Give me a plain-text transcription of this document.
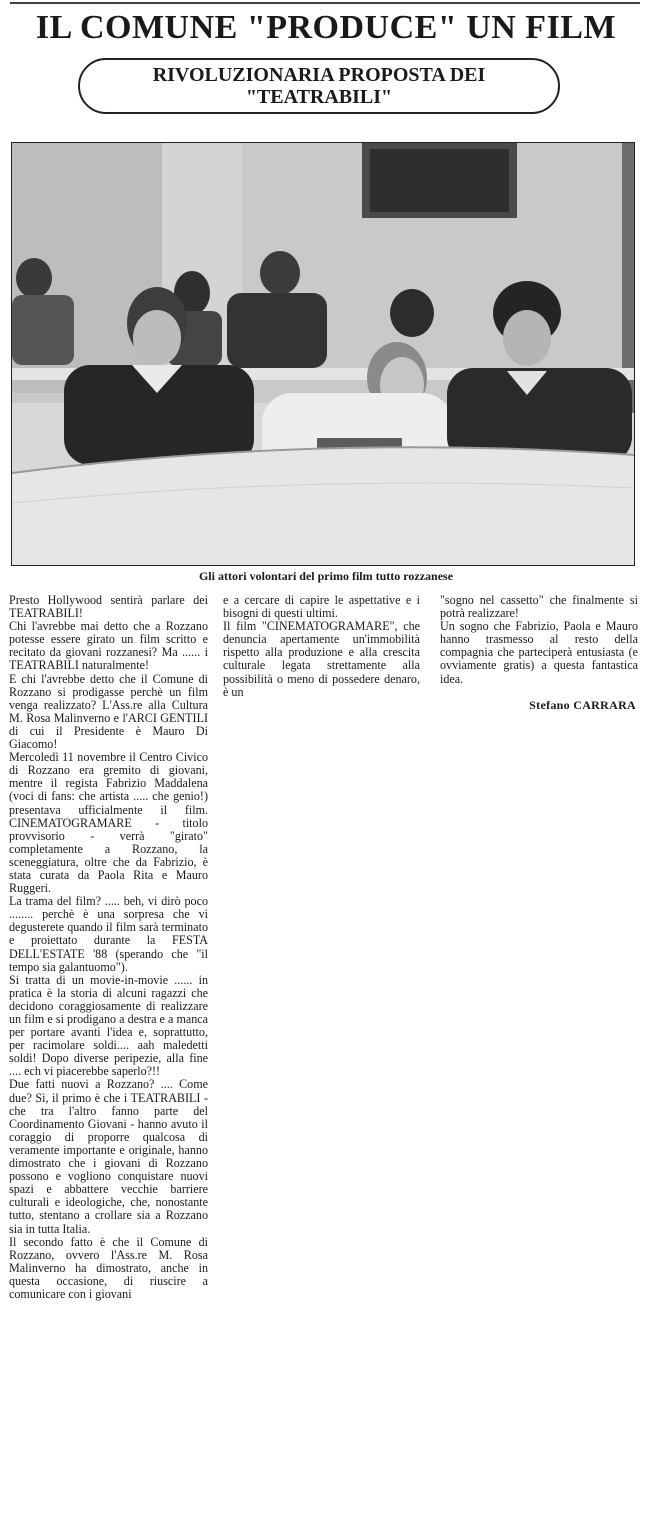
IL COMUNE "PRODUCE" UN FILM
RIVOLUZIONARIA PROPOSTA DEI
"TEATRABILI"
Gli attori volontari del primo film tutto rozzanese

Presto Hollywood sentirà parlare dei TEATRABILI!

Chi l'avrebbe mai detto che a Rozzano potesse essere girato un film scritto e recitato da giovani rozzanesi? Ma ...... i TEATRABILI naturalmente!

E chi l'avrebbe detto che il Comune di Rozzano si prodigasse perchè un film venga realizzato? L'Ass.re alla Cultura M. Rosa Malinverno e l'ARCI GENTILI di cui il Presidente è Mauro Di Giacomo!

Mercoledì 11 novembre il Centro Civico di Rozzano era gremito di giovani, mentre il regista Fabrizio Maddalena (voci di fans: che artista ..... che genio!) presentava ufficialmente il film. CINEMATOGRAMARE - titolo provvisorio - verrà "girato" completamente a Rozzano, la sceneggiatura, oltre che da Fabrizio, è stata curata da Paola Rita e Mauro Ruggeri.

La trama del film? ..... beh, vi dirò poco ........ perchè è una sorpresa che vi degusterete quando il film sarà terminato e proiettato durante la FESTA DELL'ESTATE '88 (sperando che "il tempo sia galantuomo").

Si tratta di un movie-in-movie ...... in pratica è la storia di alcuni ragazzi che decidono coraggiosamente di realizzare un film e si prodigano a destra e a manca per portare avanti l'idea e, soprattutto, per racimolare soldi.... aah maledetti soldi! Dopo diverse peripezie, alla fine .... ech vi piacerebbe saperlo?!!

Due fatti nuovi a Rozzano? .... Come due? Sì, il primo è che i TEATRABILI - che tra l'altro fanno parte del Coordinamento Giovani - hanno avuto il coraggio di proporre qualcosa di veramente importante e originale, hanno dimostrato che i giovani di Rozzano possono e vogliono conquistare nuovi spazi e abbattere vecchie barriere culturali e ideologiche, che, nonostante tutto, stentano a crollare sia a Rozzano sia in tutta Italia.

Il secondo fatto è che il Comune di Rozzano, ovvero l'Ass.re M. Rosa Malinverno ha dimostrato, anche in questa occasione, di riuscire a comunicare con i giovani

e a cercare di capire le aspettative e i bisogni di questi ultimi.

Il film "CINEMATOGRAMARE", che denuncia apertamente un'immobilità rispetto alla produzione e alla crescita culturale legata strettamente alla possibilità o meno di possedere denaro, è un

"sogno nel cassetto" che finalmente si potrà realizzare!

Un sogno che Fabrizio, Paola e Mauro hanno trasmesso al resto della compagnia che parteciperà entusiasta (e ovviamente gratis) a questa fantastica idea.

Stefano CARRARA
